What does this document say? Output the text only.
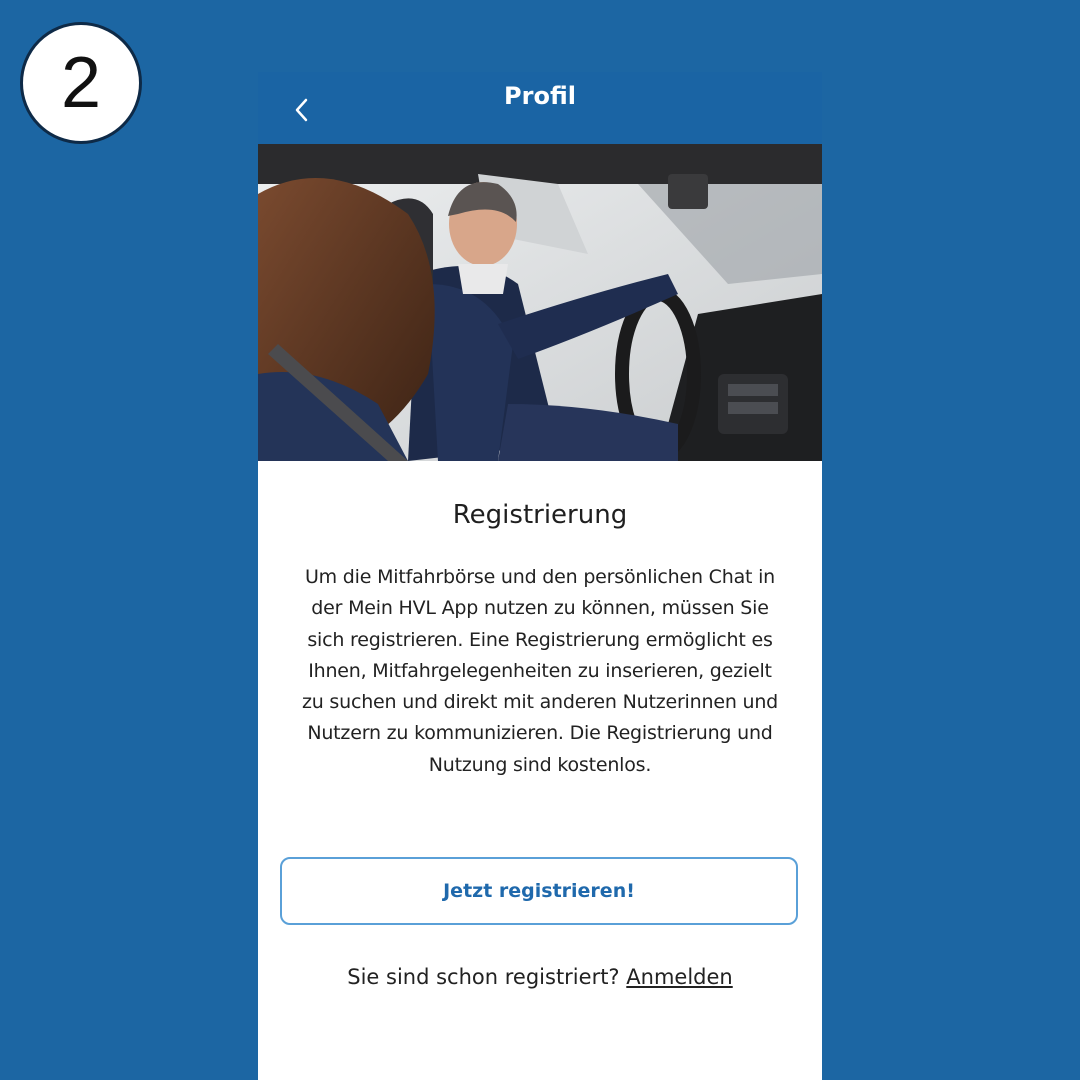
2	Profil
Registrierung
Um die Mitfahrbörse und den persönlichen Chat in der Mein HVL App nutzen zu können, müssen Sie sich registrieren. Eine Registrierung ermöglicht es Ihnen, Mitfahrgelegenheiten zu inserieren, gezielt zu suchen und direkt mit anderen Nutzerinnen und Nutzern zu kommunizieren. Die Registrierung und Nutzung sind kostenlos.
Jetzt registrieren!
Sie sind schon registriert? Anmelden
